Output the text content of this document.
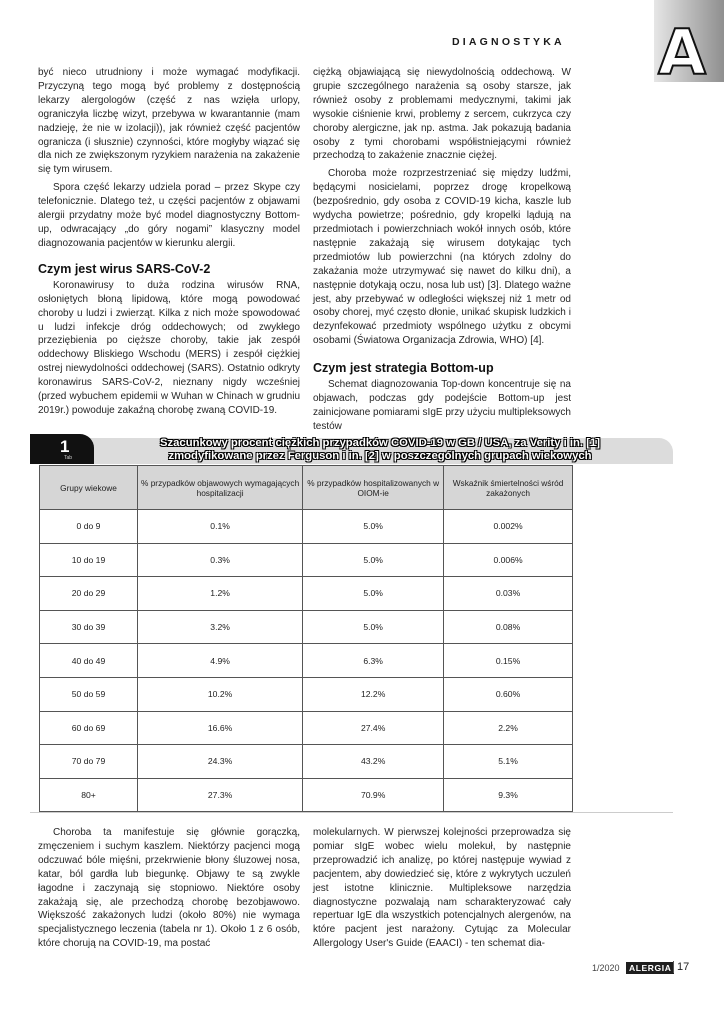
DIAGNOSTYKA A

być nieco utrudniony i może wymagać modyfikacji. Przyczyną tego mogą być problemy z dostępnością lekarzy alergologów (część z nas wzięła urlopy, ograniczyła liczbę wizyt, przebywa w kwarantannie (mam nadzieję, że nie w izolacji)), jak również część pacjentów ogranicza (i słusznie) czynności, które mogłyby wiązać się dla nich ze zwiększonym ryzykiem narażenia na zakażenie się tym wirusem.

Spora część lekarzy udziela porad – przez Skype czy telefonicznie. Dlatego też, u części pacjentów z objawami alergii przydatny może być model diagnostyczny Bottom-up, odwracający „do góry nogami” klasyczny model diagnozowania pacjentów w kierunku alergii.

Czym jest wirus SARS-CoV-2

Koronawirusy to duża rodzina wirusów RNA, osłoniętych błoną lipidową, które mogą powodować choroby u ludzi i zwierząt. Kilka z nich może spowodować u ludzi infekcje dróg oddechowych; od zwykłego przeziębienia po cięższe choroby, takie jak zespół oddechowy Bliskiego Wschodu (MERS) i zespół ciężkiej ostrej niewydolności oddechowej (SARS). Ostatnio odkryty koronawirus SARS-CoV-2, nieznany nigdy wcześniej (przed wybuchem epidemii w Wuhan w Chinach w grudniu 2019r.) powoduje zakaźną chorobę zwaną COVID-19.

ciężką objawiającą się niewydolnością oddechową. W grupie szczególnego narażenia są osoby starsze, jak również osoby z problemami medycznymi, takimi jak wysokie ciśnienie krwi, problemy z sercem, cukrzyca czy choroby alergiczne, jak np. astma. Jak pokazują badania osoby z tymi chorobami współistniejącymi również przechodzą to zakażenie znacznie ciężej.

Choroba może rozprzestrzeniać się między ludźmi, będącymi nosicielami, poprzez drogę kropelkową (bezpośrednio, gdy osoba z COVID-19 kicha, kaszle lub wydycha powietrze; pośrednio, gdy kropelki lądują na przedmiotach i powierzchniach wokół innych osób, które następnie zakażają się wirusem dotykając tych przedmiotów lub powierzchni (na których zdolny do zakażania może utrzymywać się nawet do kilku dni), a następnie dotykają oczu, nosa lub ust) [3]. Dlatego ważne jest, aby przebywać w odległości większej niż 1 metr od osoby chorej, myć często dłonie, unikać skupisk ludzkich i dezynfekować przedmioty wspólnego użytku z obcymi osobami (Światowa Organizacja Zdrowia, WHO) [4].

Czym jest strategia Bottom-up

Schemat diagnozowania Top-down koncentruje się na objawach, podczas gdy podejście Bottom-up jest zainicjowane pomiarami sIgE przy użyciu multipleksowych testów

1
Tab
Szacunkowy procent ciężkich przypadków COVID-19 w GB / USA, za Verity i in. [1]
zmodyfikowane przez Ferguson i in. [2] w poszczególnych grupach wiekowych
Grupy wiekowe	% przypadków objawowych wymagających hospitalizacji	% przypadków hospitalizowanych w OIOM-ie	Wskaźnik śmiertelności wśród zakażonych
0 do 9	0.1%	5.0%	0.002%
10 do 19	0.3%	5.0%	0.006%
20 do 29	1.2%	5.0%	0.03%
30 do 39	3.2%	5.0%	0.08%
40 do 49	4.9%	6.3%	0.15%
50 do 59	10.2%	12.2%	0.60%
60 do 69	16.6%	27.4%	2.2%
70 do 79	24.3%	43.2%	5.1%
80+	27.3%	70.9%	9.3%

Choroba ta manifestuje się głównie gorączką, zmęczeniem i suchym kaszlem. Niektórzy pacjenci mogą odczuwać bóle mięśni, przekrwienie błony śluzowej nosa, katar, ból gardła lub biegunkę. Objawy te są zwykle łagodne i zaczynają się stopniowo. Niektóre osoby zakażają się, ale przechodzą chorobę bezobjawowo. Większość zakażonych ludzi (około 80%) nie wymaga specjalistycznego leczenia (tabela nr 1). Około 1 z 6 osób, które chorują na COVID-19, ma postać

molekularnych. W pierwszej kolejności przeprowadza się pomiar sIgE wobec wielu molekuł, by następnie przeprowadzić ich analizę, po której następuje wywiad z pacjentem, aby dowiedzieć się, które z wykrytych uczuleń jest istotne klinicznie. Multipleksowe narzędzia diagnostyczne pozwalają nam scharakteryzować cały repertuar IgE dla wszystkich potencjalnych alergenów, na które pacjent jest narażony. Cytując za Molecular Allergology User's Guide (EAACI) - ten schemat dia-

1/2020	ALERGIA 17
